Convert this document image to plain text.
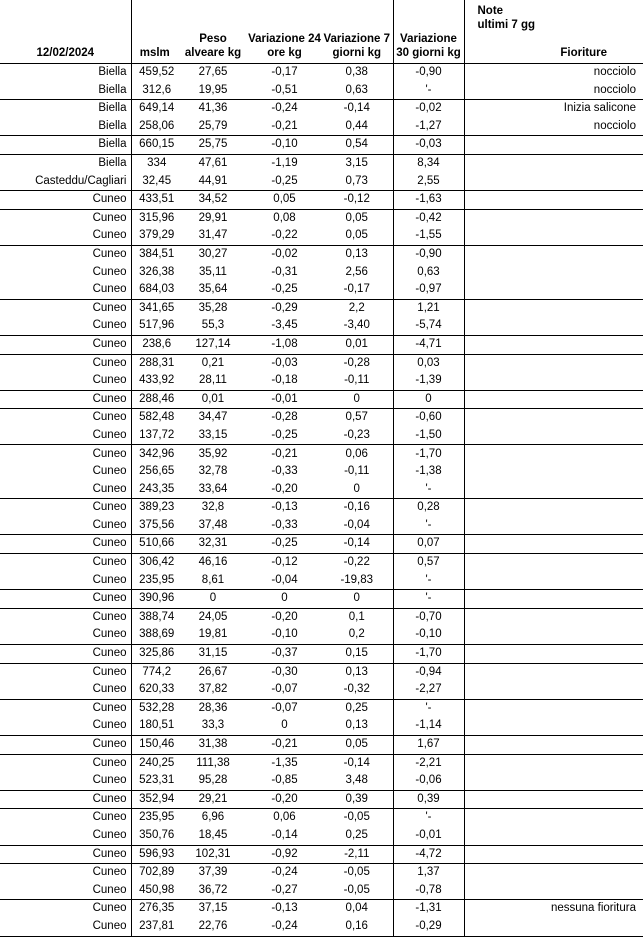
12/02/2024	mslm	Peso alveare kg	Variazione 24 ore kg	Variazione 7 giorni kg	Variazione 30 giorni kg	Note ultimi 7 gg	Fioriture
Biella	459,52	27,65	-0,17	0,38	-0,90		nocciolo
Biella	312,6	19,95	-0,51	0,63	'-		nocciolo
Biella	649,14	41,36	-0,24	-0,14	-0,02		Inizia salicone
Biella	258,06	25,79	-0,21	0,44	-1,27		nocciolo
Biella	660,15	25,75	-0,10	0,54	-0,03		
Biella	334	47,61	-1,19	3,15	8,34		
Casteddu/Cagliari	32,45	44,91	-0,25	0,73	2,55		
Cuneo	433,51	34,52	0,05	-0,12	-1,63		
Cuneo	315,96	29,91	0,08	0,05	-0,42		
Cuneo	379,29	31,47	-0,22	0,05	-1,55		
Cuneo	384,51	30,27	-0,02	0,13	-0,90		
Cuneo	326,38	35,11	-0,31	2,56	0,63		
Cuneo	684,03	35,64	-0,25	-0,17	-0,97		
Cuneo	341,65	35,28	-0,29	2,2	1,21		
Cuneo	517,96	55,3	-3,45	-3,40	-5,74		
Cuneo	238,6	127,14	-1,08	0,01	-4,71		
Cuneo	288,31	0,21	-0,03	-0,28	0,03		
Cuneo	433,92	28,11	-0,18	-0,11	-1,39		
Cuneo	288,46	0,01	-0,01	0	0		
Cuneo	582,48	34,47	-0,28	0,57	-0,60		
Cuneo	137,72	33,15	-0,25	-0,23	-1,50		
Cuneo	342,96	35,92	-0,21	0,06	-1,70		
Cuneo	256,65	32,78	-0,33	-0,11	-1,38		
Cuneo	243,35	33,64	-0,20	0	'-		
Cuneo	389,23	32,8	-0,13	-0,16	0,28		
Cuneo	375,56	37,48	-0,33	-0,04	'-		
Cuneo	510,66	32,31	-0,25	-0,14	0,07		
Cuneo	306,42	46,16	-0,12	-0,22	0,57		
Cuneo	235,95	8,61	-0,04	-19,83	'-		
Cuneo	390,96	0	0	0	'-		
Cuneo	388,74	24,05	-0,20	0,1	-0,70		
Cuneo	388,69	19,81	-0,10	0,2	-0,10		
Cuneo	325,86	31,15	-0,37	0,15	-1,70		
Cuneo	774,2	26,67	-0,30	0,13	-0,94		
Cuneo	620,33	37,82	-0,07	-0,32	-2,27		
Cuneo	532,28	28,36	-0,07	0,25	'-		
Cuneo	180,51	33,3	0	0,13	-1,14		
Cuneo	150,46	31,38	-0,21	0,05	1,67		
Cuneo	240,25	111,38	-1,35	-0,14	-2,21		
Cuneo	523,31	95,28	-0,85	3,48	-0,06		
Cuneo	352,94	29,21	-0,20	0,39	0,39		
Cuneo	235,95	6,96	0,06	-0,05	'-		
Cuneo	350,76	18,45	-0,14	0,25	-0,01		
Cuneo	596,93	102,31	-0,92	-2,11	-4,72		
Cuneo	702,89	37,39	-0,24	-0,05	1,37		
Cuneo	450,98	36,72	-0,27	-0,05	-0,78		
Cuneo	276,35	37,15	-0,13	0,04	-1,31		nessuna fioritura
Cuneo	237,81	22,76	-0,24	0,16	-0,29		
